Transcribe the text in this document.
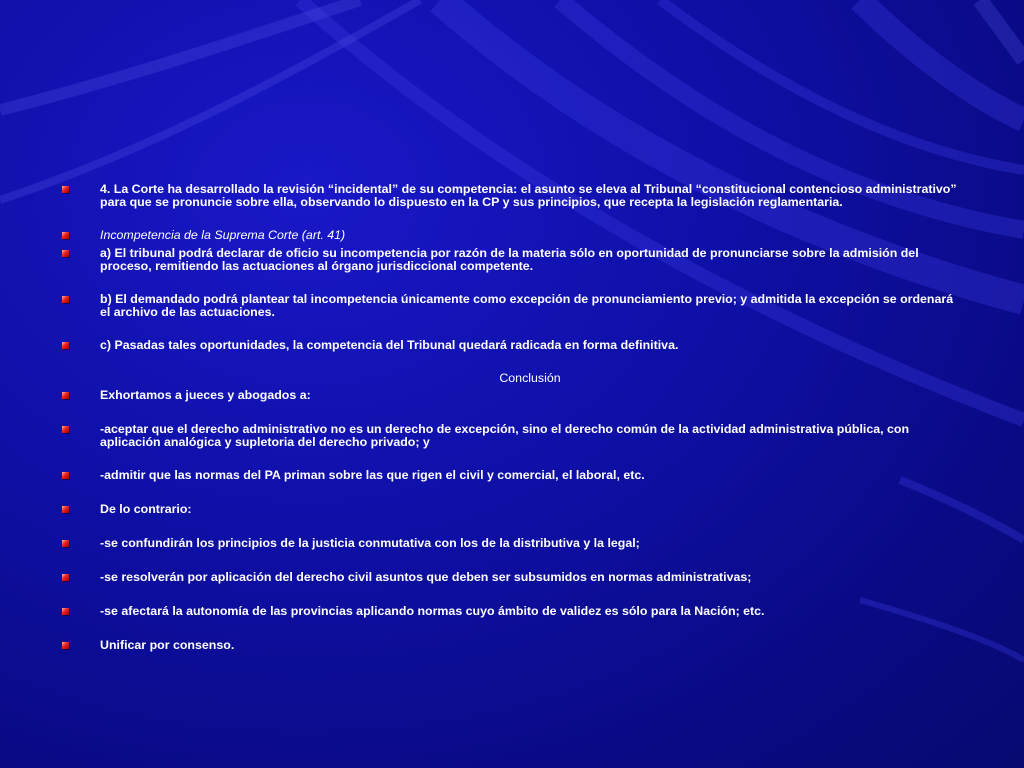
4. La Corte ha desarrollado la revisión “incidental” de su competencia: el asunto se eleva al Tribunal “constitucional contencioso administrativo” para que se pronuncie sobre ella, observando lo dispuesto en la CP y sus principios, que recepta la legislación reglamentaria.
Incompetencia de la Suprema Corte (art. 41)
a) El tribunal podrá declarar de oficio su incompetencia por razón de la materia sólo en oportunidad de pronunciarse sobre la admisión del proceso, remitiendo las actuaciones al órgano jurisdiccional competente.
b) El demandado podrá plantear tal incompetencia únicamente como excepción de pronunciamiento previo; y admitida la excepción se ordenará el archivo de las actuaciones.
c) Pasadas tales oportunidades, la competencia del Tribunal quedará radicada en forma definitiva.
Conclusión
Exhortamos a jueces y abogados a:
-aceptar que el derecho administrativo no es un derecho de excepción, sino el derecho común de la actividad administrativa pública, con aplicación analógica y supletoria del derecho privado; y
-admitir que las normas del PA priman sobre las que rigen el civil y comercial, el laboral, etc.
De lo contrario:
-se confundirán los principios de la justicia conmutativa con los de la distributiva y la legal;
-se resolverán por aplicación del derecho civil asuntos que deben ser subsumidos en normas administrativas;
-se afectará la autonomía de las provincias aplicando normas cuyo ámbito de validez es sólo para la Nación; etc.
Unificar por consenso.
